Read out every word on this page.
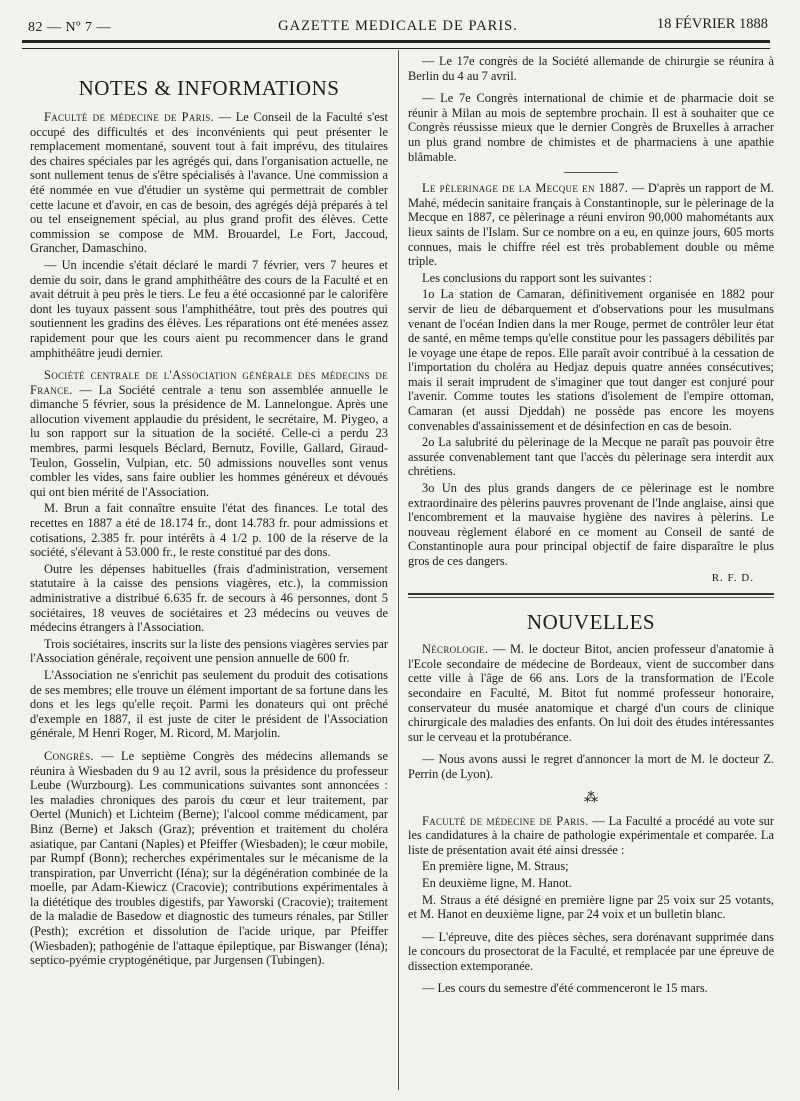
82 — Nº 7 —	GAZETTE MEDICALE DE PARIS.	18 FÉVRIER 1888
NOTES & INFORMATIONS

Faculté de médecine de Paris. — Le Conseil de la Faculté s'est occupé des difficultés et des inconvénients qui peut présenter le remplacement momentané, souvent tout à fait imprévu, des titulaires des chaires spéciales par les agrégés qui, dans l'organisation actuelle, ne sont nullement tenus de s'être spécialisés à l'avance. Une commission a été nommée en vue d'étudier un système qui permettrait de combler cette lacune et d'avoir, en cas de besoin, des agrégés déjà préparés à tel ou tel enseignement spécial, au plus grand profit des élèves. Cette commission se compose de MM. Brouardel, Le Fort, Jaccoud, Grancher, Damaschino.

— Un incendie s'était déclaré le mardi 7 février, vers 7 heures et demie du soir, dans le grand amphithéâtre des cours de la Faculté et en avait détruit à peu près le tiers. Le feu a été occasionné par le calorifère dont les tuyaux passent sous l'amphithéâtre, tout près des poutres qui soutiennent les gradins des élèves. Les réparations ont été menées assez rapidement pour que les cours aient pu recommencer dans le grand amphithéâtre jeudi dernier.

Société centrale de l'Association générale des médecins de France. — La Société centrale a tenu son assemblée annuelle le dimanche 5 février, sous la présidence de M. Lannelongue. Après une allocution vivement applaudie du président, le secrétaire, M. Piygeo, a lu son rapport sur la situation de la société. Celle-ci a perdu 23 membres, parmi lesquels Béclard, Bernutz, Foville, Gallard, Giraud-Teulon, Gosselin, Vulpian, etc. 50 admissions nouvelles sont venus combler les vides, sans faire oublier les hommes généreux et dévoués qui ont bien mérité de l'Association.

M. Brun a fait connaître ensuite l'état des finances. Le total des recettes en 1887 a été de 18.174 fr., dont 14.783 fr. pour admissions et cotisations, 2.385 fr. pour intérêts à 4 1/2 p. 100 de la réserve de la société, s'élevant à 53.000 fr., le reste constitué par des dons.

Outre les dépenses habituelles (frais d'administration, versement statutaire à la caisse des pensions viagères, etc.), la commission administrative a distribué 6.635 fr. de secours à 46 personnes, dont 5 sociétaires, 18 veuves de sociétaires et 23 médecins ou veuves de médecins étrangers à l'Association.

Trois sociétaires, inscrits sur la liste des pensions viagères servies par l'Association générale, reçoivent une pension annuelle de 600 fr.

L'Association ne s'enrichit pas seulement du produit des cotisations de ses membres; elle trouve un élément important de sa fortune dans les dons et les legs qu'elle reçoit. Parmi les donateurs qui ont prêché d'exemple en 1887, il est juste de citer le président de l'Association générale, M Henri Roger, M. Ricord, M. Marjolin.

Congrès. — Le septième Congrès des médecins allemands se réunira à Wiesbaden du 9 au 12 avril, sous la présidence du professeur Leube (Wurzbourg). Les communications suivantes sont annoncées : les maladies chroniques des parois du cœur et leur traitement, par Oertel (Munich) et Lichteim (Berne); l'alcool comme médicament, par Binz (Berne) et Jaksch (Graz); prévention et traitement du choléra asiatique, par Cantani (Naples) et Pfeiffer (Wiesbaden); le cœur mobile, par Rumpf (Bonn); recherches expérimentales sur le mécanisme de la transpiration, par Unverricht (Iéna); sur la dégénération combinée de la moelle, par Adam-Kiewicz (Cracovie); contributions expérimentales à la diététique des troubles digestifs, par Yaworski (Cracovie); traitement de la maladie de Basedow et diagnostic des tumeurs rénales, par Stiller (Pesth); excrétion et dissolution de l'acide urique, par Pfeiffer (Wiesbaden); pathogénie de l'attaque épileptique, par Biswanger (Iéna); septico-pyémie cryptogénétique, par Jurgensen (Tubingen).

— Le 17e congrès de la Société allemande de chirurgie se réunira à Berlin du 4 au 7 avril.

— Le 7e Congrès international de chimie et de pharmacie doit se réunir à Milan au mois de septembre prochain. Il est à souhaiter que ce Congrès réussisse mieux que le dernier Congrès de Bruxelles à arracher un plus grand nombre de chimistes et de pharmaciens à une apathie blâmable.

Le pèlerinage de la Mecque en 1887. — D'après un rapport de M. Mahé, médecin sanitaire français à Constantinople, sur le pèlerinage de la Mecque en 1887, ce pèlerinage a réuni environ 90,000 mahométants aux lieux saints de l'Islam. Sur ce nombre on a eu, en quinze jours, 605 morts connues, mais le chiffre réel est très probablement double ou même triple.

Les conclusions du rapport sont les suivantes :

1o La station de Camaran, définitivement organisée en 1882 pour servir de lieu de débarquement et d'observations pour les musulmans venant de l'océan Indien dans la mer Rouge, permet de contrôler leur état de santé, en même temps qu'elle constitue pour les passagers débilités par le voyage une étape de repos. Elle paraît avoir contribué à la cessation de l'importation du choléra au Hedjaz depuis quatre années consécutives; mais il serait imprudent de s'imaginer que tout danger est conjuré pour l'avenir. Comme toutes les stations d'isolement de l'empire ottoman, Camaran (et aussi Djeddah) ne possède pas encore les moyens convenables d'assainissement et de désinfection en cas de besoin.

2o La salubrité du pèlerinage de la Mecque ne paraît pas pouvoir être assurée convenablement tant que l'accès du pèlerinage sera interdit aux chrétiens.

3o Un des plus grands dangers de ce pèlerinage est le nombre extraordinaire des pèlerins pauvres provenant de l'Inde anglaise, ainsi que l'encombrement et la mauvaise hygiène des navires à pèlerins. Le nouveau règlement élaboré en ce moment au Conseil de santé de Constantinople aura pour principal objectif de faire disparaître le plus gros de ces dangers.

R. F. D.
NOUVELLES

Nécrologie. — M. le docteur Bitot, ancien professeur d'anatomie à l'Ecole secondaire de médecine de Bordeaux, vient de succomber dans cette ville à l'âge de 66 ans. Lors de la transformation de l'Ecole secondaire en Faculté, M. Bitot fut nommé professeur honoraire, conservateur du musée anatomique et chargé d'un cours de clinique chirurgicale des maladies des enfants. On lui doit des études intéressantes sur le cerveau et la protubérance.

— Nous avons aussi le regret d'annoncer la mort de M. le docteur Z. Perrin (de Lyon).

⁂

Faculté de médecine de Paris. — La Faculté a procédé au vote sur les candidatures à la chaire de pathologie expérimentale et comparée. La liste de présentation avait été ainsi dressée :

En première ligne, M. Straus;

En deuxième ligne, M. Hanot.

M. Straus a été désigné en première ligne par 25 voix sur 25 votants, et M. Hanot en deuxième ligne, par 24 voix et un bulletin blanc.

— L'épreuve, dite des pièces sèches, sera dorénavant supprimée dans le concours du prosectorat de la Faculté, et remplacée par une épreuve de dissection extemporanée.

— Les cours du semestre d'été commenceront le 15 mars.
